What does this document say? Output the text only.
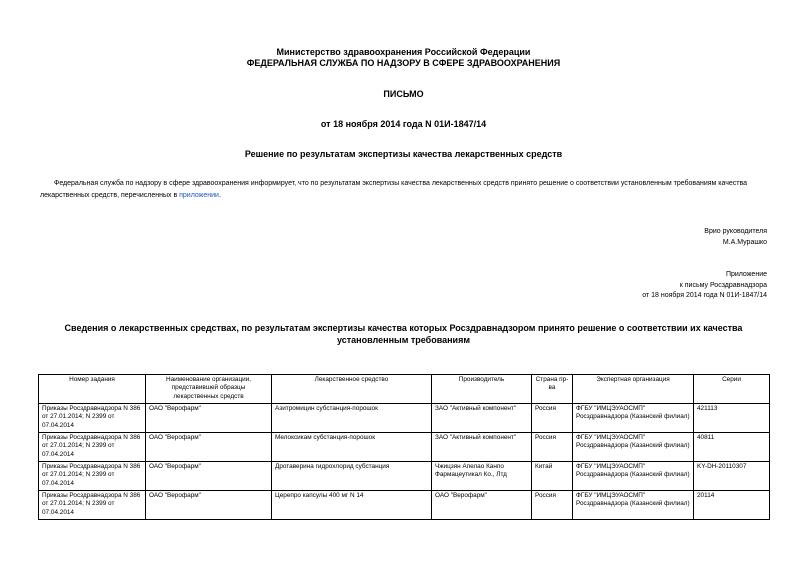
Министерство здравоохранения Российской Федерации
ФЕДЕРАЛЬНАЯ СЛУЖБА ПО НАДЗОРУ В СФЕРЕ ЗДРАВООХРАНЕНИЯ
ПИСЬМО
от 18 ноября 2014 года N 01И-1847/14
Решение по результатам экспертизы качества лекарственных средств
Федеральная служба по надзору в сфере здравоохранения информирует, что по результатам экспертизы качества лекарственных средств принято решение о соответствии установленным требованиям качества лекарственных средств, перечисленных в приложении.
Врио руководителя
М.А.Мурашко
Приложение
к письму Росздравнадзора
от 18 ноября 2014 года N 01И-1847/14
Сведения о лекарственных средствах, по результатам экспертизы качества которых Росздравнадзором принято решение о соответствии их качества установленным требованиям
Номер задания	Наименование организации, представившей образцы лекарственных средств	Лекарственное средство	Производитель	Страна пр-ва	Экспертная организация	Серии
Приказы Росздравнадзора N 386 от 27.01.2014; N 2399 от 07.04.2014	ОАО "Верофарм"	Азитромицин субстанция-порошок	ЗАО "Активный компонент"	Россия	ФГБУ "ИМЦЭУАОСМП" Росздравнадзора (Казанский филиал)	421113
Приказы Росздравнадзора N 386 от 27.01.2014; N 2399 от 07.04.2014	ОАО "Верофарм"	Мелоксикам субстанция-порошок	ЗАО "Активный компонент"	Россия	ФГБУ "ИМЦЭУАОСМП" Росздравнадзора (Казанский филиал)	40811
Приказы Росздравнадзора N 386 от 27.01.2014; N 2399 от 07.04.2014	ОАО "Верофарм"	Дротаверина гидрохлорид субстанция	Чжицзян Апелао Канпо Фармацеутикал Ко., Лтд	Китай	ФГБУ "ИМЦЭУАОСМП" Росздравнадзора (Казанский филиал)	KY-DH-20110307
Приказы Росздравнадзора N 386 от 27.01.2014; N 2399 от 07.04.2014	ОАО "Верофарм"	Церепро капсулы 400 мг N 14	ОАО "Верофарм"	Россия	ФГБУ "ИМЦЭУАОСМП" Росздравнадзора (Казанский филиал)	20114
